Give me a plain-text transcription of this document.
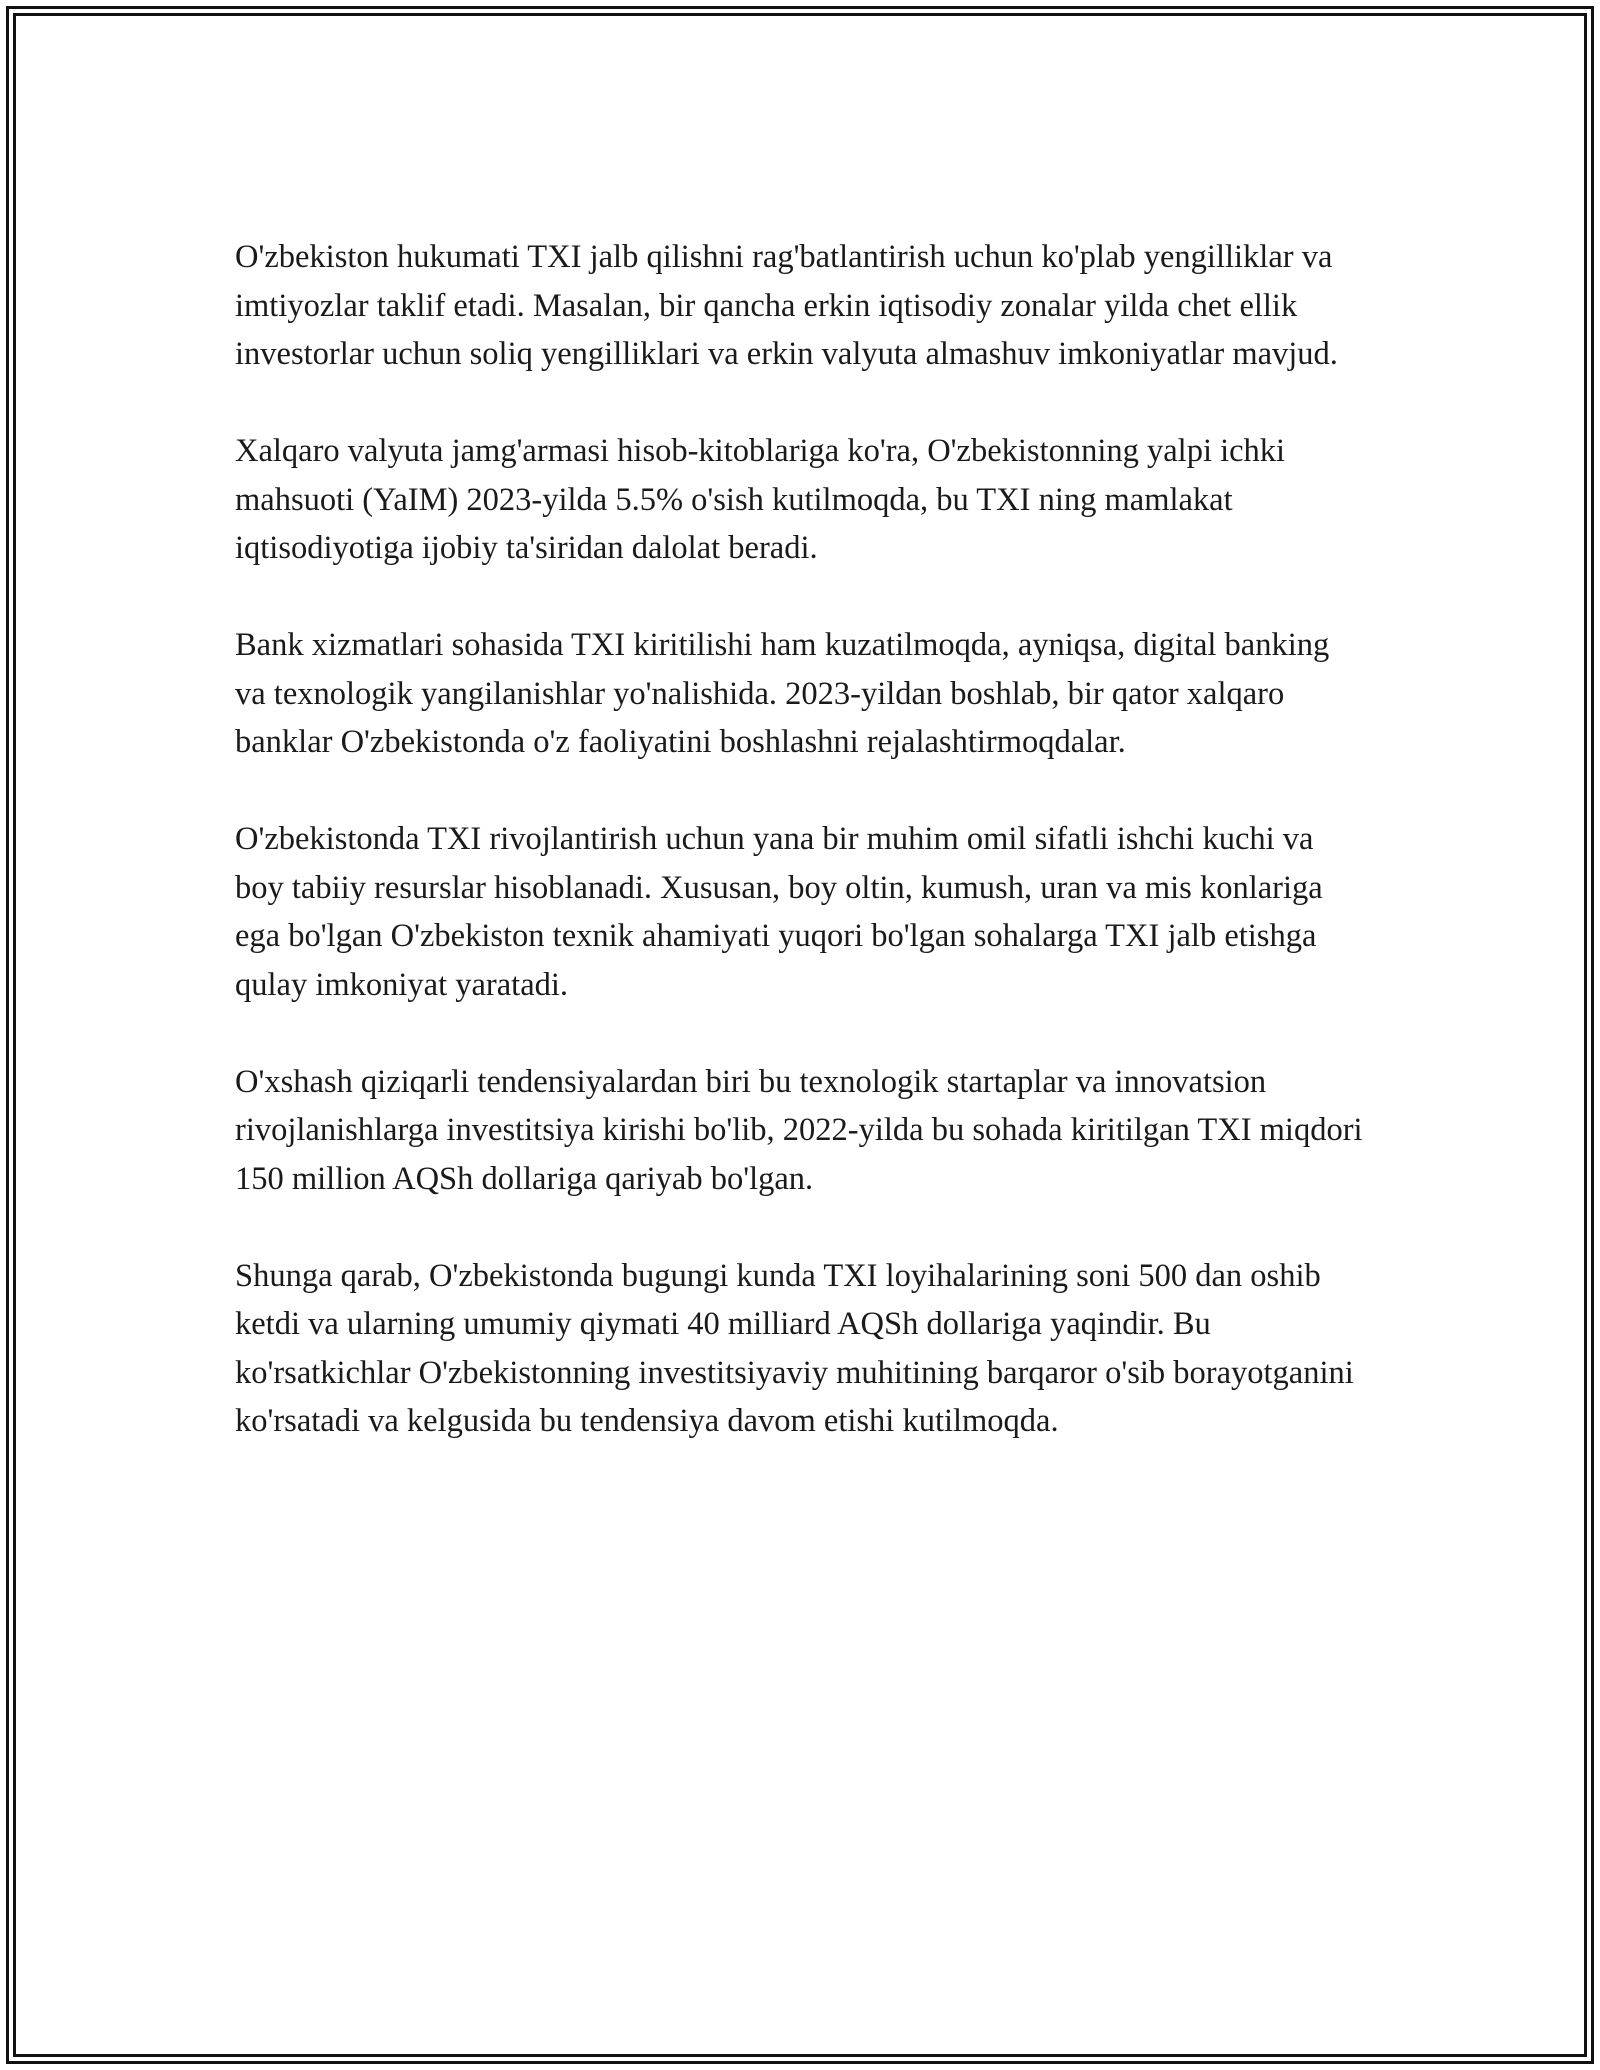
O'zbekiston hukumati TXI jalb qilishni rag'batlantirish uchun ko'plab yengilliklar va imtiyozlar taklif etadi. Masalan, bir qancha erkin iqtisodiy zonalar yilda chet ellik investorlar uchun soliq yengilliklari va erkin valyuta almashuv imkoniyatlar mavjud.

Xalqaro valyuta jamg'armasi hisob-kitoblariga ko'ra, O'zbekistonning yalpi ichki mahsuoti (YaIM) 2023-yilda 5.5% o'sish kutilmoqda, bu TXI ning mamlakat iqtisodiyotiga ijobiy ta'siridan dalolat beradi.

Bank xizmatlari sohasida TXI kiritilishi ham kuzatilmoqda, ayniqsa, digital banking va texnologik yangilanishlar yo'nalishida. 2023-yildan boshlab, bir qator xalqaro banklar O'zbekistonda o'z faoliyatini boshlashni rejalashtirmoqdalar.

O'zbekistonda TXI rivojlantirish uchun yana bir muhim omil sifatli ishchi kuchi va boy tabiiy resurslar hisoblanadi. Xususan, boy oltin, kumush, uran va mis konlariga ega bo'lgan O'zbekiston texnik ahamiyati yuqori bo'lgan sohalarga TXI jalb etishga qulay imkoniyat yaratadi.

O'xshash qiziqarli tendensiyalardan biri bu texnologik startaplar va innovatsion rivojlanishlarga investitsiya kirishi bo'lib, 2022-yilda bu sohada kiritilgan TXI miqdori 150 million AQSh dollariga qariyab bo'lgan.

Shunga qarab, O'zbekistonda bugungi kunda TXI loyihalarining soni 500 dan oshib ketdi va ularning umumiy qiymati 40 milliard AQSh dollariga yaqindir. Bu ko'rsatkichlar O'zbekistonning investitsiyaviy muhitining barqaror o'sib borayotganini ko'rsatadi va kelgusida bu tendensiya davom etishi kutilmoqda.
